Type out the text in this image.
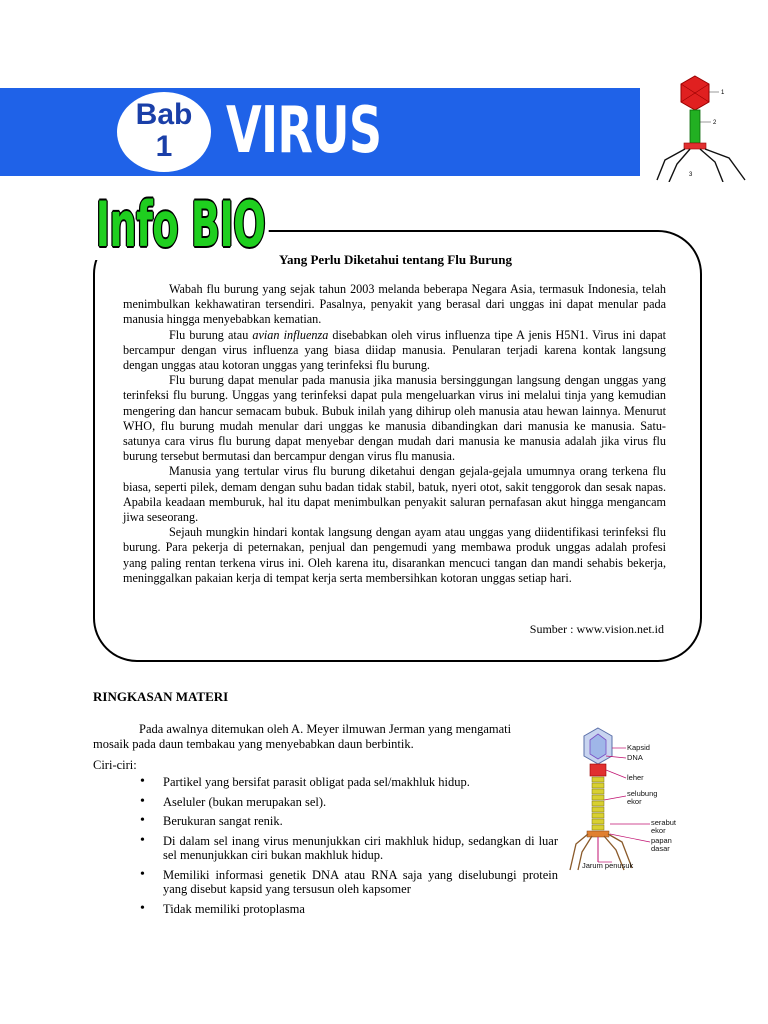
Bab
1 VIRUS
1
2
3
Info BIO	Yang Perlu Diketahui tentang Flu Burung

Wabah flu burung yang sejak tahun 2003 melanda beberapa Negara Asia, termasuk Indonesia, telah menimbulkan kekhawatiran tersendiri. Pasalnya, penyakit yang berasal dari unggas ini dapat menular pada manusia hingga menyebabkan kematian.

Flu burung atau avian influenza disebabkan oleh virus influenza tipe A jenis H5N1. Virus ini dapat bercampur dengan virus influenza yang biasa diidap manusia. Penularan terjadi karena kontak langsung dengan unggas atau kotoran unggas yang terinfeksi flu burung.

Flu burung dapat menular pada manusia jika manusia bersinggungan langsung dengan unggas yang terinfeksi flu burung. Unggas yang terinfeksi dapat pula mengeluarkan virus ini melalui tinja yang kemudian mengering dan hancur semacam bubuk. Bubuk inilah yang dihirup oleh manusia atau hewan lainnya. Menurut WHO, flu burung mudah menular dari unggas ke manusia dibandingkan dari manusia ke manusia. Satu-satunya cara virus flu burung dapat menyebar dengan mudah dari manusia ke manusia adalah jika virus flu burung tersebut bermutasi dan bercampur dengan virus flu manusia.

Manusia yang tertular virus flu burung diketahui dengan gejala-gejala umumnya orang terkena flu biasa, seperti pilek, demam dengan suhu badan tidak stabil, batuk, nyeri otot, sakit tenggorok dan sesak napas. Apabila keadaan memburuk, hal itu dapat menimbulkan penyakit saluran pernafasan akut hingga mengancam jiwa seseorang.

Sejauh mungkin hindari kontak langsung dengan ayam atau unggas yang diidentifikasi terinfeksi flu burung. Para pekerja di peternakan, penjual dan pengemudi yang membawa produk unggas adalah profesi yang paling rentan terkena virus ini. Oleh karena itu, disarankan mencuci tangan dan mandi sehabis bekerja, meninggalkan pakaian kerja di tempat kerja serta membersihkan kotoran unggas setiap hari.

Sumber : www.vision.net.id
RINGKASAN MATERI

Pada awalnya ditemukan oleh A. Meyer ilmuwan Jerman yang mengamati mosaik pada daun tembakau yang menyebabkan daun berbintik.

Ciri-ciri:
• Partikel yang bersifat parasit obligat pada sel/makhluk hidup.
• Aseluler (bukan merupakan sel).
• Berukuran sangat renik.
• Di dalam sel inang virus menunjukkan ciri makhluk hidup, sedangkan di luar sel menunjukkan ciri bukan makhluk hidup.
• Memiliki informasi genetik DNA atau RNA saja yang diselubungi protein yang disebut kapsid yang tersusun oleh kapsomer
• Tidak memiliki protoplasma
Kapsid
DNA
leher
selubung ekor
serabut ekor
papan dasar
Jarum penusuk
